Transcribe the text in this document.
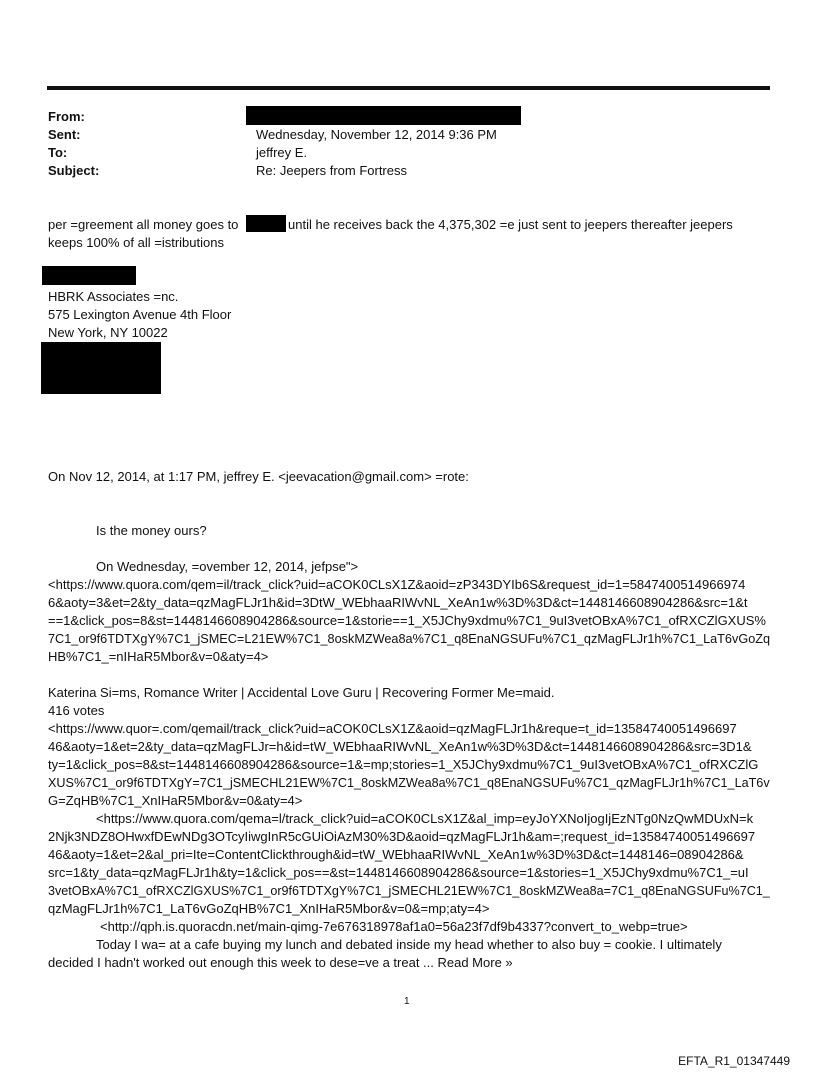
From:
Sent:
To:
Subject:
Wednesday, November 12, 2014 9:36 PM
jeffrey E.
Re: Jeepers from Fortress
per =greement all money goes to	until he receives back the 4,375,302 =e just sent to jeepers thereafter jeepers
keeps 100% of all =istributions
HBRK Associates =nc.
575 Lexington Avenue 4th Floor
New York, NY 10022
On Nov 12, 2014, at 1:17 PM, jeffrey E. <jeevacation@gmail.com> =rote:
Is the money ours?
On Wednesday, =ovember 12, 2014, jefpse">
<https://www.quora.com/qem=il/track_click?uid=aCOK0CLsX1Z&aoid=zP343DYIb6S&request_id=1=5847400514966974
6&aoty=3&et=2&ty_data=qzMagFLJr1h&id=3DtW_WEbhaaRIWvNL_XeAn1w%3D%3D&ct=1448146608904286&src=1&t
==1&click_pos=8&st=1448146608904286&source=1&storie==1_X5JChy9xdmu%7C1_9uI3vetOBxA%7C1_ofRXCZlGXUS%
7C1_or9f6TDTXgY%7C1_jSMEC=L21EW%7C1_8oskMZWea8a%7C1_q8EnaNGSUFu%7C1_qzMagFLJr1h%7C1_LaT6vGoZq
HB%7C1_=nIHaR5Mbor&v=0&aty=4>
Katerina Si=ms, Romance Writer | Accidental Love Guru | Recovering Former Me=maid.
416 votes
<https://www.quor=.com/qemail/track_click?uid=aCOK0CLsX1Z&aoid=qzMagFLJr1h&reque=t_id=13584740051496697
46&aoty=1&et=2&ty_data=qzMagFLJr=h&id=tW_WEbhaaRIWvNL_XeAn1w%3D%3D&ct=1448146608904286&src=3D1&
ty=1&click_pos=8&st=1448146608904286&source=1&=mp;stories=1_X5JChy9xdmu%7C1_9uI3vetOBxA%7C1_ofRXCZlG
XUS%7C1_or9f6TDTXgY=7C1_jSMECHL21EW%7C1_8oskMZWea8a%7C1_q8EnaNGSUFu%7C1_qzMagFLJr1h%7C1_LaT6v
G=ZqHB%7C1_XnIHaR5Mbor&v=0&aty=4>
<https://www.quora.com/qema=l/track_click?uid=aCOK0CLsX1Z&al_imp=eyJoYXNoIjogIjEzNTg0NzQwMDUxN=k
2Njk3NDZ8OHwxfDEwNDg3OTcyIiwgInR5cGUiOiAzM30%3D&aoid=qzMagFLJr1h&am=;request_id=13584740051496697
46&aoty=1&et=2&al_pri=Ite=ContentClickthrough&id=tW_WEbhaaRIWvNL_XeAn1w%3D%3D&ct=1448146=08904286&
src=1&ty_data=qzMagFLJr1h&ty=1&click_pos==&st=1448146608904286&source=1&stories=1_X5JChy9xdmu%7C1_=uI
3vetOBxA%7C1_ofRXCZlGXUS%7C1_or9f6TDTXgY%7C1_jSMECHL21EW%7C1_8oskMZWea8a=7C1_q8EnaNGSUFu%7C1_
qzMagFLJr1h%7C1_LaT6vGoZqHB%7C1_XnIHaR5Mbor&v=0&=mp;aty=4>
<http://qph.is.quoracdn.net/main-qimg-7e676318978af1a0=56a23f7df9b4337?convert_to_webp=true>
Today I wa= at a cafe buying my lunch and debated inside my head whether to also buy = cookie. I ultimately
decided I hadn't worked out enough this week to dese=ve a treat ... Read More »
1
EFTA_R1_01347449
